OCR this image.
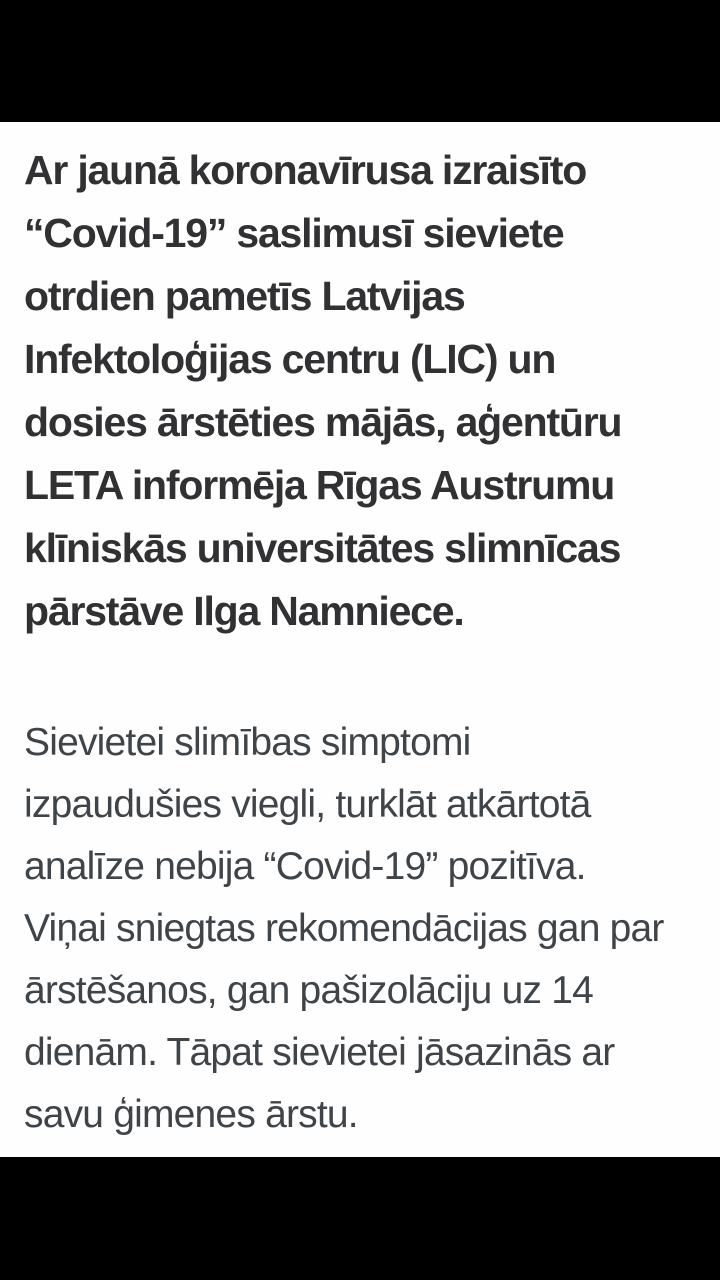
Ar jaunā koronavīrusa izraisīto
“Covid-19” saslimusī sieviete
otrdien pametīs Latvijas
Infektoloģijas centru (LIC) un
dosies ārstēties mājās, aģentūru
LETA informēja Rīgas Austrumu
klīniskās universitātes slimnīcas
pārstāve Ilga Namniece.

Sievietei slimības simptomi
izpaudušies viegli, turklāt atkārtotā
analīze nebija “Covid-19” pozitīva.
Viņai sniegtas rekomendācijas gan par
ārstēšanos, gan pašizolāciju uz 14
dienām. Tāpat sievietei jāsazinās ar
savu ģimenes ārstu.
